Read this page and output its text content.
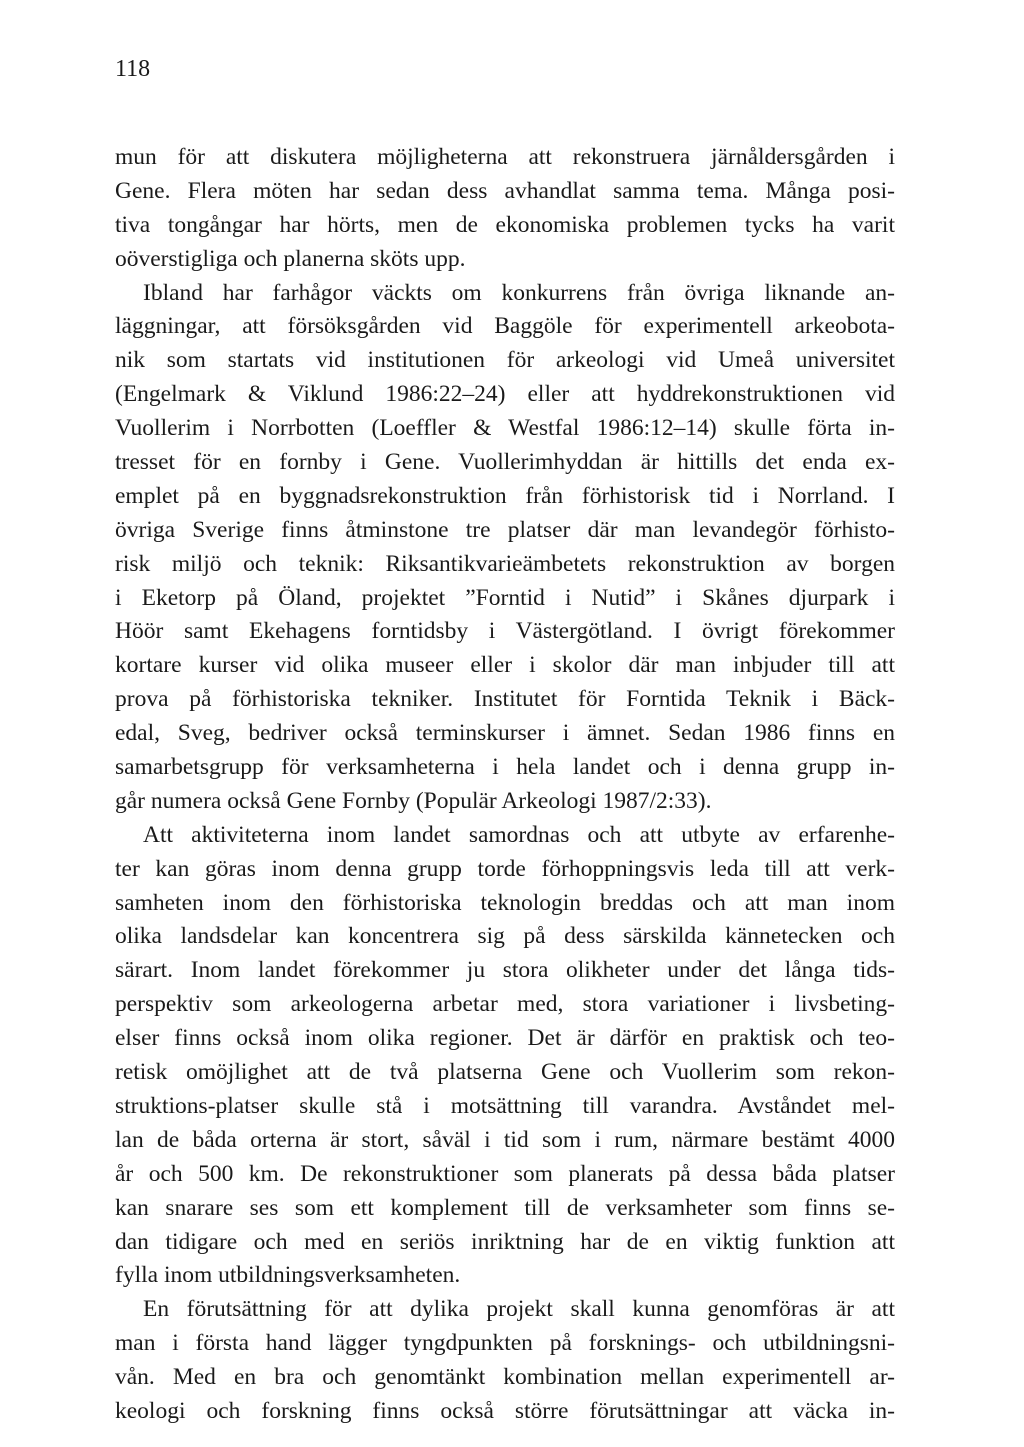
118

mun för att diskutera möjligheterna att rekonstruera järnåldersgården i
Gene. Flera möten har sedan dess avhandlat samma tema. Många posi-
tiva tongångar har hörts, men de ekonomiska problemen tycks ha varit
oöverstigliga och planerna sköts upp.
Ibland har farhågor väckts om konkurrens från övriga liknande an-
läggningar, att försöksgården vid Baggöle för experimentell arkeobota-
nik som startats vid institutionen för arkeologi vid Umeå universitet
(Engelmark & Viklund 1986:22–24) eller att hyddrekonstruktionen vid
Vuollerim i Norrbotten (Loeffler & Westfal 1986:12–14) skulle förta in-
tresset för en fornby i Gene. Vuollerimhyddan är hittills det enda ex-
emplet på en byggnadsrekonstruktion från förhistorisk tid i Norrland. I
övriga Sverige finns åtminstone tre platser där man levandegör förhisto-
risk miljö och teknik: Riksantikvarieämbetets rekonstruktion av borgen
i Eketorp på Öland, projektet ”Forntid i Nutid” i Skånes djurpark i
Höör samt Ekehagens forntidsby i Västergötland. I övrigt förekommer
kortare kurser vid olika museer eller i skolor där man inbjuder till att
prova på förhistoriska tekniker. Institutet för Forntida Teknik i Bäck-
edal, Sveg, bedriver också terminskurser i ämnet. Sedan 1986 finns en
samarbetsgrupp för verksamheterna i hela landet och i denna grupp in-
går numera också Gene Fornby (Populär Arkeologi 1987/2:33).
Att aktiviteterna inom landet samordnas och att utbyte av erfarenhe-
ter kan göras inom denna grupp torde förhoppningsvis leda till att verk-
samheten inom den förhistoriska teknologin breddas och att man inom
olika landsdelar kan koncentrera sig på dess särskilda kännetecken och
särart. Inom landet förekommer ju stora olikheter under det långa tids-
perspektiv som arkeologerna arbetar med, stora variationer i livsbeting-
elser finns också inom olika regioner. Det är därför en praktisk och teo-
retisk omöjlighet att de två platserna Gene och Vuollerim som rekon-
struktions-platser skulle stå i motsättning till varandra. Avståndet mel-
lan de båda orterna är stort, såväl i tid som i rum, närmare bestämt 4000
år och 500 km. De rekonstruktioner som planerats på dessa båda platser
kan snarare ses som ett komplement till de verksamheter som finns se-
dan tidigare och med en seriös inriktning har de en viktig funktion att
fylla inom utbildningsverksamheten.
En förutsättning för att dylika projekt skall kunna genomföras är att
man i första hand lägger tyngdpunkten på forsknings- och utbildningsni-
vån. Med en bra och genomtänkt kombination mellan experimentell ar-
keologi och forskning finns också större förutsättningar att väcka in-
